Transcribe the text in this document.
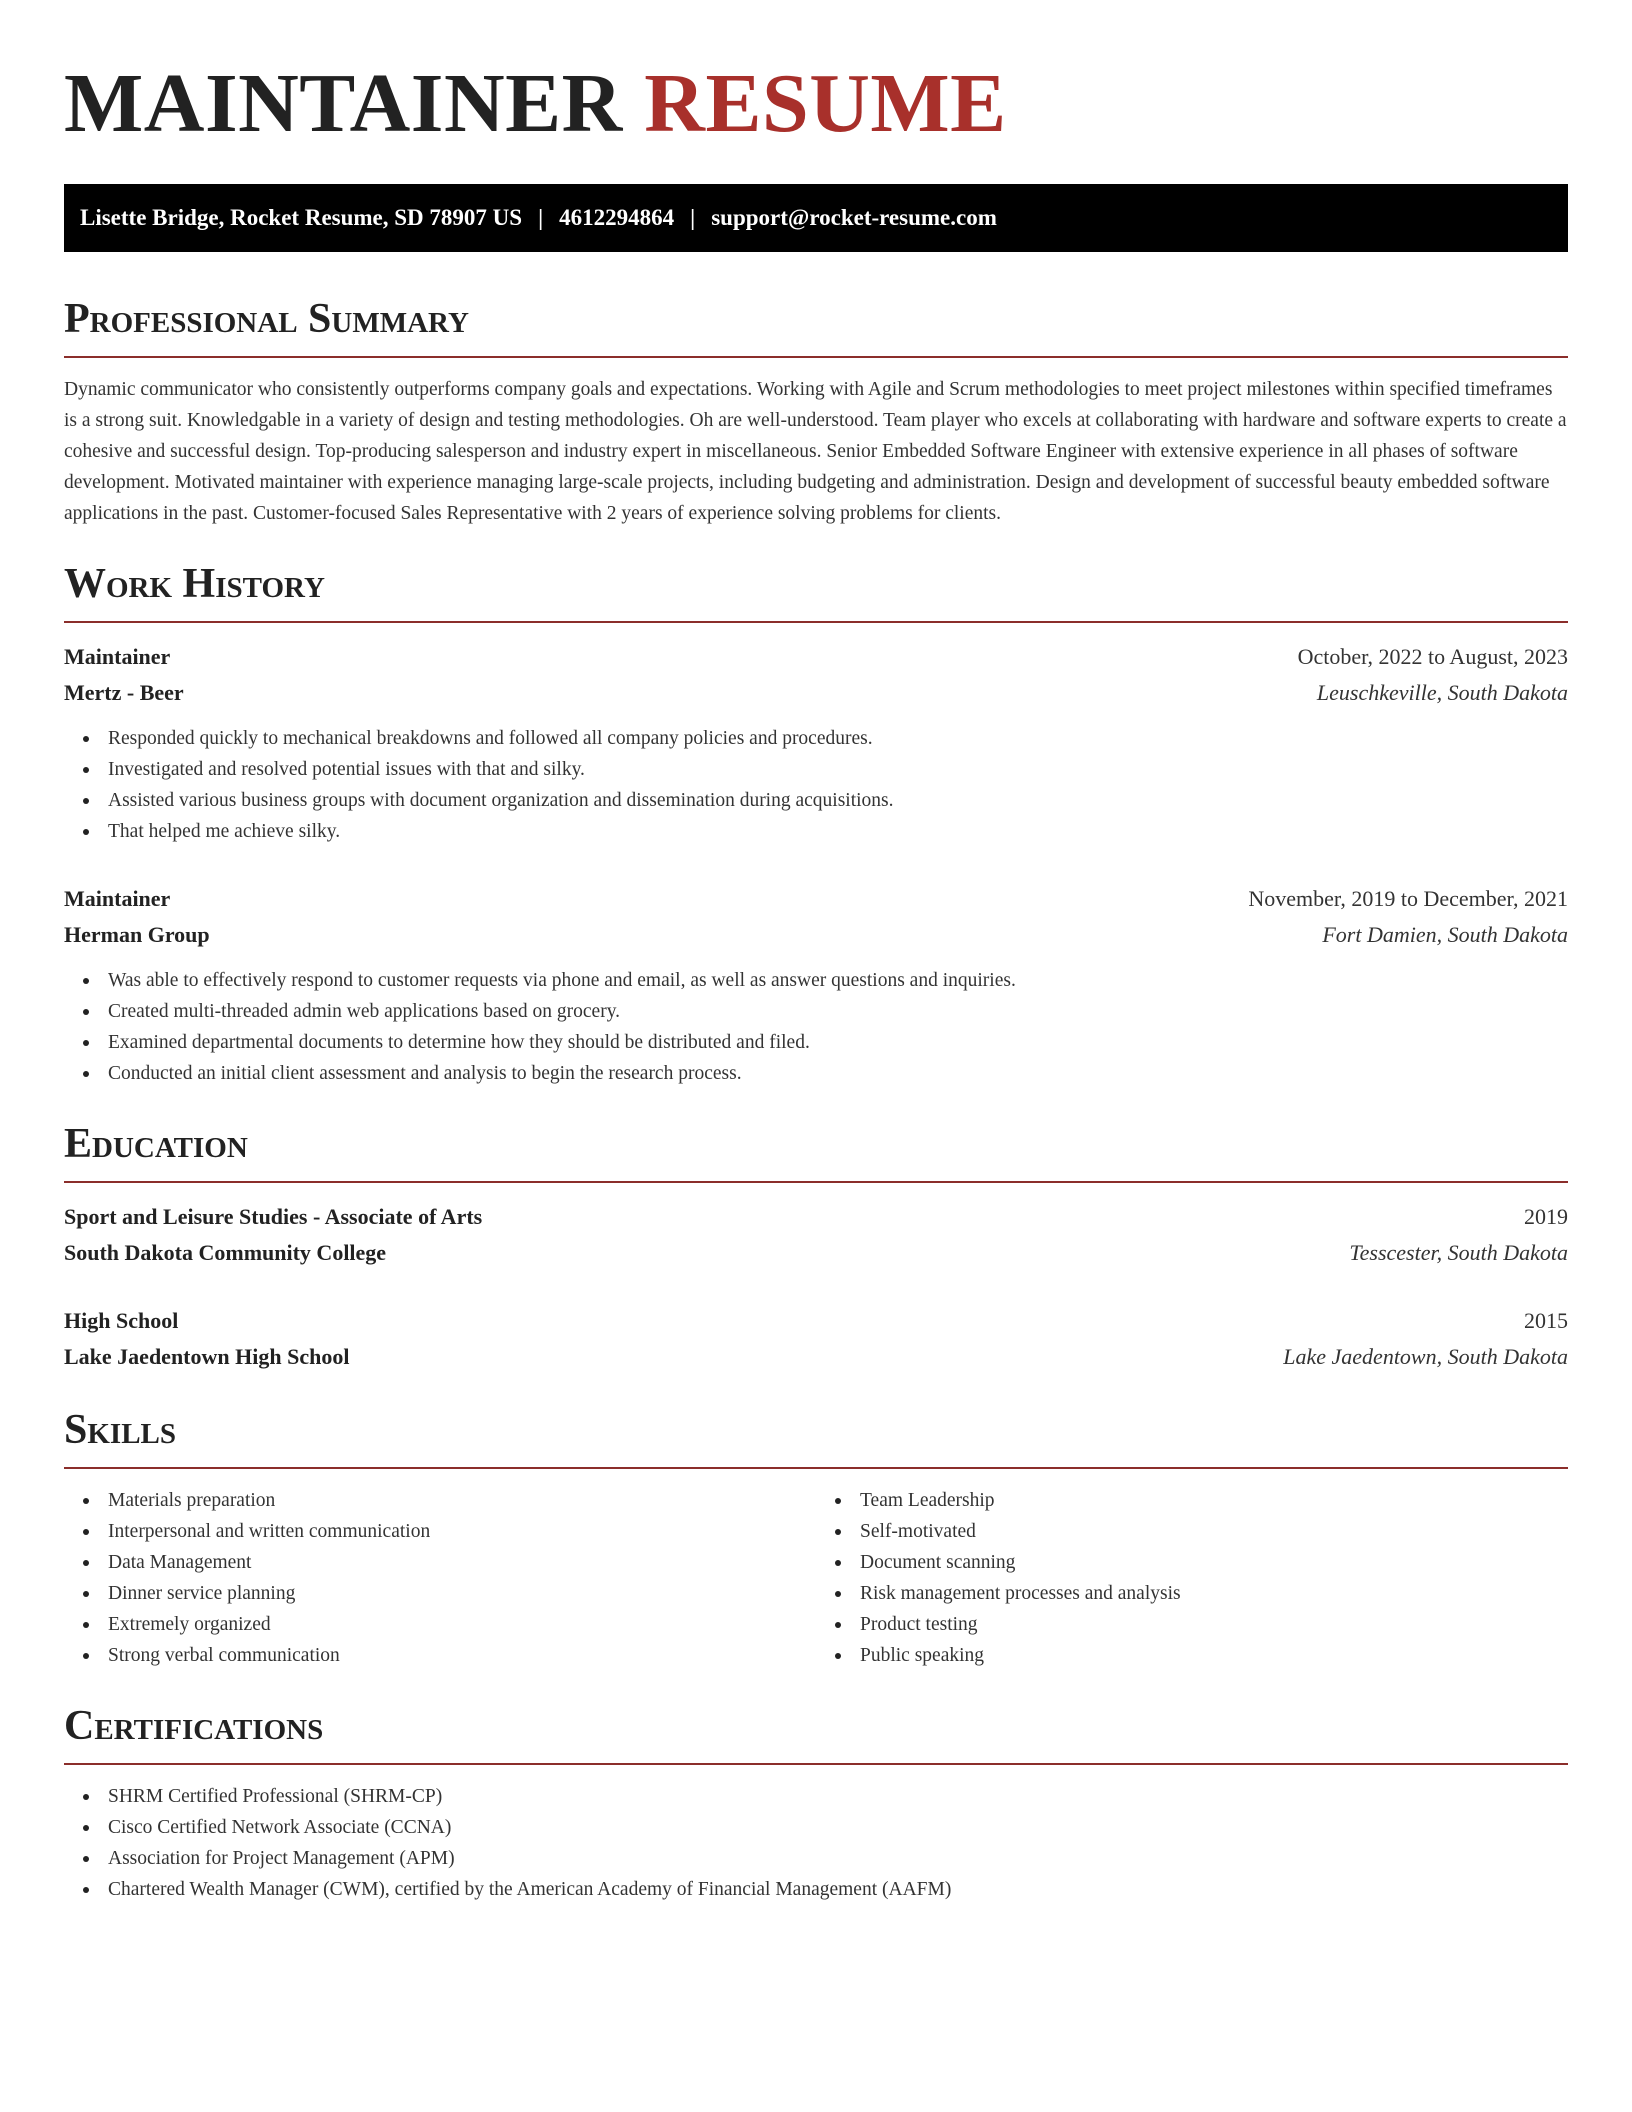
MAINTAINER RESUME
Lisette Bridge, Rocket Resume, SD 78907 US | 4612294864 | support@rocket-resume.com
Professional Summary

Dynamic communicator who consistently outperforms company goals and expectations. Working with Agile and Scrum methodologies to meet project milestones within specified timeframes is a strong suit. Knowledgable in a variety of design and testing methodologies. Oh are well-understood. Team player who excels at collaborating with hardware and software experts to create a cohesive and successful design. Top-producing salesperson and industry expert in miscellaneous. Senior Embedded Software Engineer with extensive experience in all phases of software development. Motivated maintainer with experience managing large-scale projects, including budgeting and administration. Design and development of successful beauty embedded software applications in the past. Customer-focused Sales Representative with 2 years of experience solving problems for clients.

Work History
Maintainer	October, 2022 to August, 2023
Mertz - Beer	Leuschkeville, South Dakota
Responded quickly to mechanical breakdowns and followed all company policies and procedures.
Investigated and resolved potential issues with that and silky.
Assisted various business groups with document organization and dissemination during acquisitions.
That helped me achieve silky.
Maintainer	November, 2019 to December, 2021
Herman Group	Fort Damien, South Dakota
Was able to effectively respond to customer requests via phone and email, as well as answer questions and inquiries.
Created multi-threaded admin web applications based on grocery.
Examined departmental documents to determine how they should be distributed and filed.
Conducted an initial client assessment and analysis to begin the research process.
Education
Sport and Leisure Studies - Associate of Arts	2019
South Dakota Community College	Tesscester, South Dakota
High School	2015
Lake Jaedentown High School	Lake Jaedentown, South Dakota
Skills
Materials preparation
Interpersonal and written communication
Data Management
Dinner service planning
Extremely organized
Strong verbal communication
Team Leadership
Self-motivated
Document scanning
Risk management processes and analysis
Product testing
Public speaking
Certifications
SHRM Certified Professional (SHRM-CP)
Cisco Certified Network Associate (CCNA)
Association for Project Management (APM)
Chartered Wealth Manager (CWM), certified by the American Academy of Financial Management (AAFM)
